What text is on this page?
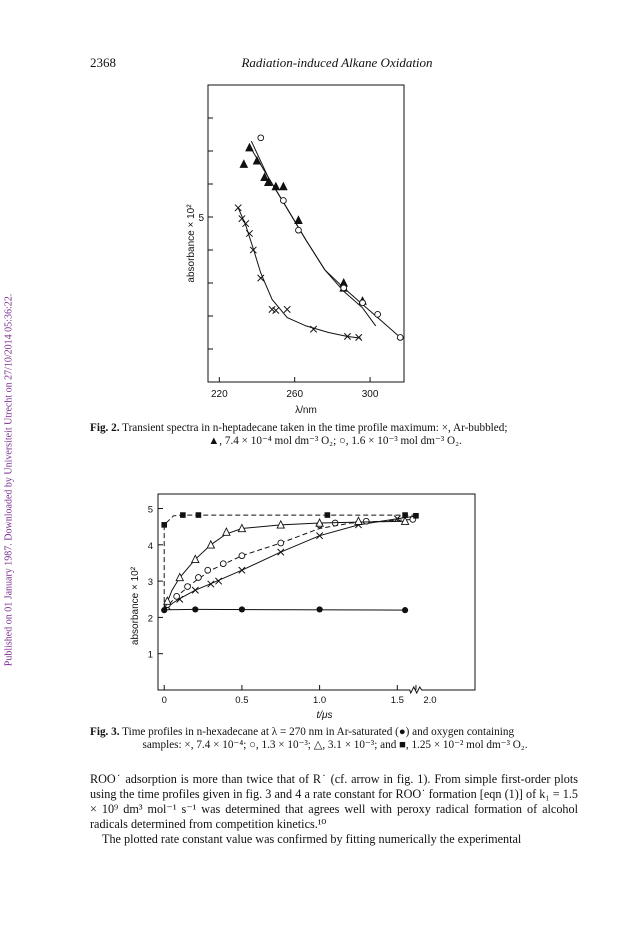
Published on 01 January 1987. Downloaded by Universiteit Utrecht on 27/10/2014 05:36:22.
2368	Radiation-induced Alkane Oxidation
220	260	300
5
λ/nm
absorbance × 10²
0	0.5	1.0	1.5 2.0
1
2
3
4
5
t/μs
absorbance × 10²
Fig. 2. Transient spectra in n-heptadecane taken in the time profile maximum: ×, Ar-bubbled;
▲, 7.4 × 10⁻⁴ mol dm⁻³ O₂; ○, 1.6 × 10⁻³ mol dm⁻³ O₂.
Fig. 3. Time profiles in n-hexadecane at λ = 270 nm in Ar-saturated (●) and oxygen containing
samples: ×, 7.4 × 10⁻⁴; ○, 1.3 × 10⁻³; △, 3.1 × 10⁻³; and ■, 1.25 × 10⁻² mol dm⁻³ O₂.

ROO˙ adsorption is more than twice that of R˙ (cf. arrow in fig. 1). From simple first-order plots using the time profiles given in fig. 3 and 4 a rate constant for ROO˙ formation [eqn (1)] of k₁ = 1.5 × 10⁹ dm³ mol⁻¹ s⁻¹ was determined that agrees well with peroxy radical formation of alcohol radicals determined from competition kinetics.¹⁰

The plotted rate constant value was confirmed by fitting numerically the experimental
